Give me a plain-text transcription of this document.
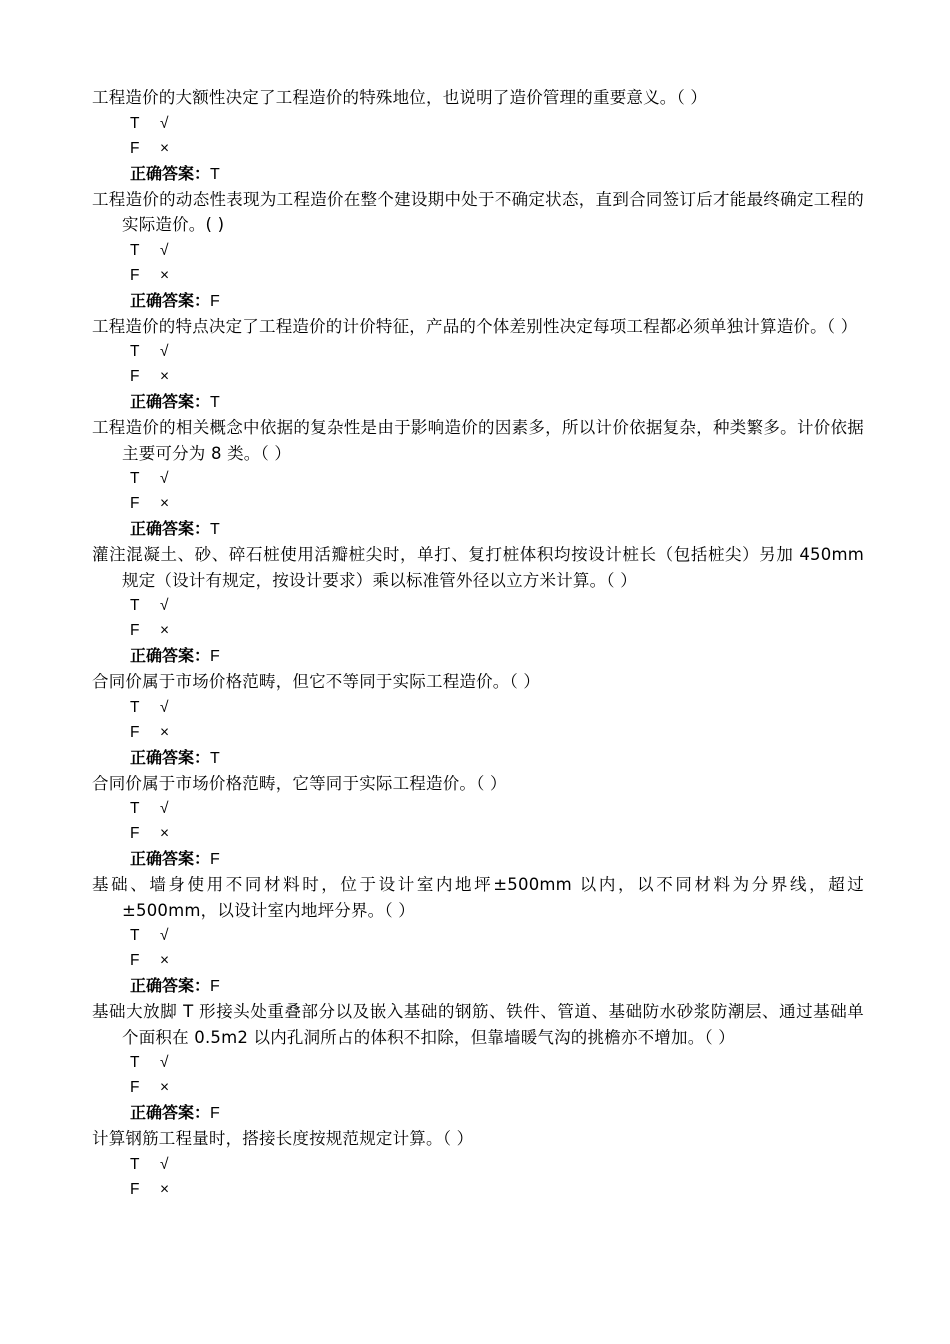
工程造价的大额性决定了工程造价的特殊地位，也说明了造价管理的重要意义。（ ）
T √
F ×
正确答案：T
工程造价的动态性表现为工程造价在整个建设期中处于不确定状态，直到合同签订后才能最终确定工程的实际造价。( )
T √
F ×
正确答案：F
工程造价的特点决定了工程造价的计价特征，产品的个体差别性决定每项工程都必须单独计算造价。（ ）
T √
F ×
正确答案：T
工程造价的相关概念中依据的复杂性是由于影响造价的因素多，所以计价依据复杂，种类繁多。计价依据主要可分为 8 类。（ ）
T √
F ×
正确答案：T
灌注混凝土、砂、碎石桩使用活瓣桩尖时，单打、复打桩体积均按设计桩长（包括桩尖）另加 450mm 规定（设计有规定，按设计要求）乘以标准管外径以立方米计算。（ ）
T √
F ×
正确答案：F
合同价属于市场价格范畴，但它不等同于实际工程造价。（ ）
T √
F ×
正确答案：T
合同价属于市场价格范畴，它等同于实际工程造价。（ ）
T √
F ×
正确答案：F
基础、墙身使用不同材料时，位于设计室内地坪±500mm 以内，以不同材料为分界线，超过±500mm，以设计室内地坪分界。（ ）
T √
F ×
正确答案：F
基础大放脚 T 形接头处重叠部分以及嵌入基础的钢筋、铁件、管道、基础防水砂浆防潮层、通过基础单个面积在 0.5m2 以内孔洞所占的体积不扣除，但靠墙暖气沟的挑檐亦不增加。（ ）
T √
F ×
正确答案：F
计算钢筋工程量时，搭接长度按规范规定计算。（ ）
T √
F ×
